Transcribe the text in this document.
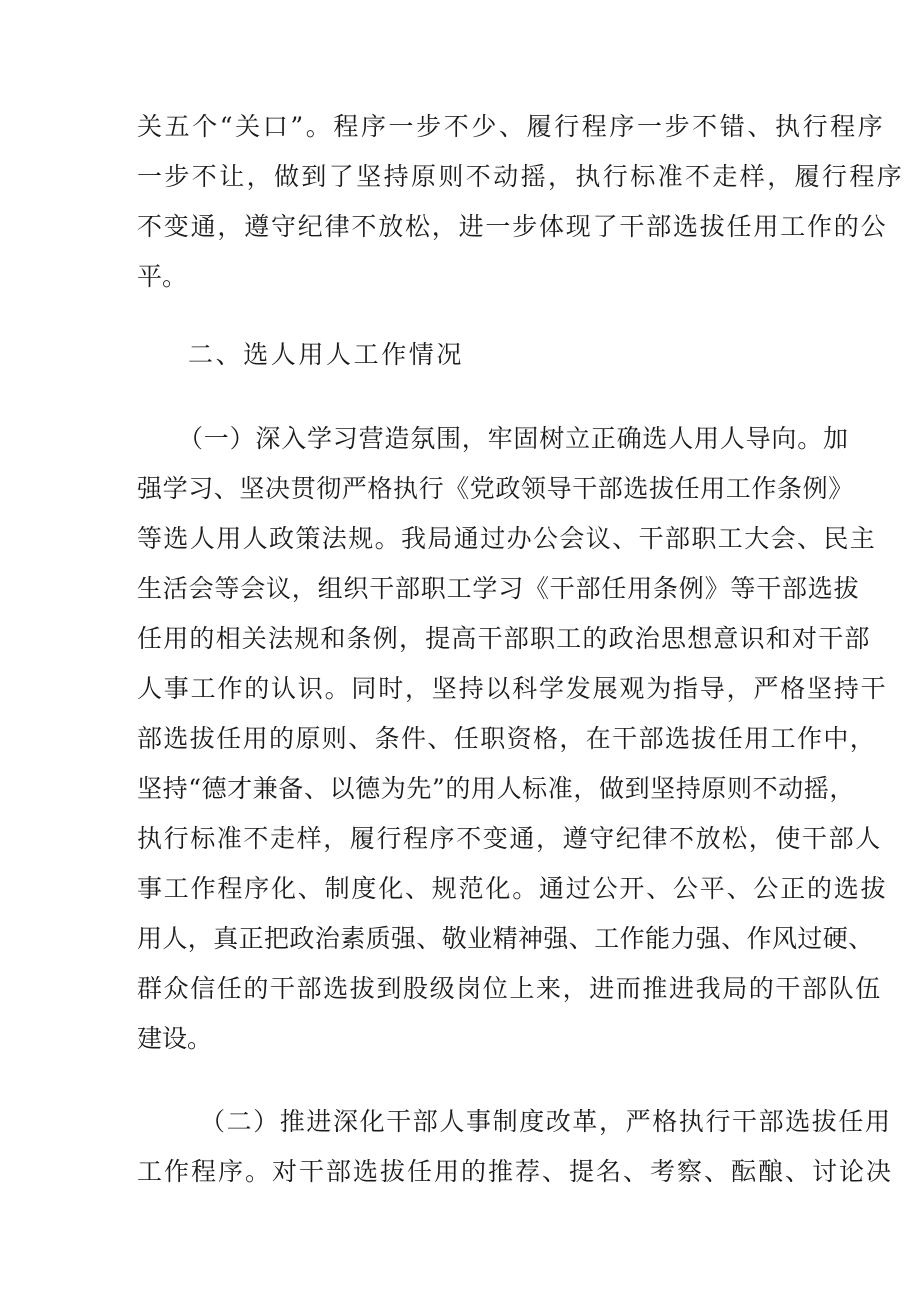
关五个“关口”。程序一步不少、履行程序一步不错、执行程序
一步不让，做到了坚持原则不动摇，执行标准不走样，履行程序
不变通，遵守纪律不放松，进一步体现了干部选拔任用工作的公
平。
二、选人用人工作情况
（一）深入学习营造氛围，牢固树立正确选人用人导向。加
强学习、坚决贯彻严格执行《党政领导干部选拔任用工作条例》
等选人用人政策法规。我局通过办公会议、干部职工大会、民主
生活会等会议，组织干部职工学习《干部任用条例》等干部选拔
任用的相关法规和条例，提高干部职工的政治思想意识和对干部
人事工作的认识。同时，坚持以科学发展观为指导，严格坚持干
部选拔任用的原则、条件、任职资格，在干部选拔任用工作中，
坚持“德才兼备、以德为先”的用人标准，做到坚持原则不动摇，
执行标准不走样，履行程序不变通，遵守纪律不放松，使干部人
事工作程序化、制度化、规范化。通过公开、公平、公正的选拔
用人，真正把政治素质强、敬业精神强、工作能力强、作风过硬、
群众信任的干部选拔到股级岗位上来，进而推进我局的干部队伍
建设。
（二）推进深化干部人事制度改革，严格执行干部选拔任用
工作程序。对干部选拔任用的推荐、提名、考察、酝酿、讨论决
